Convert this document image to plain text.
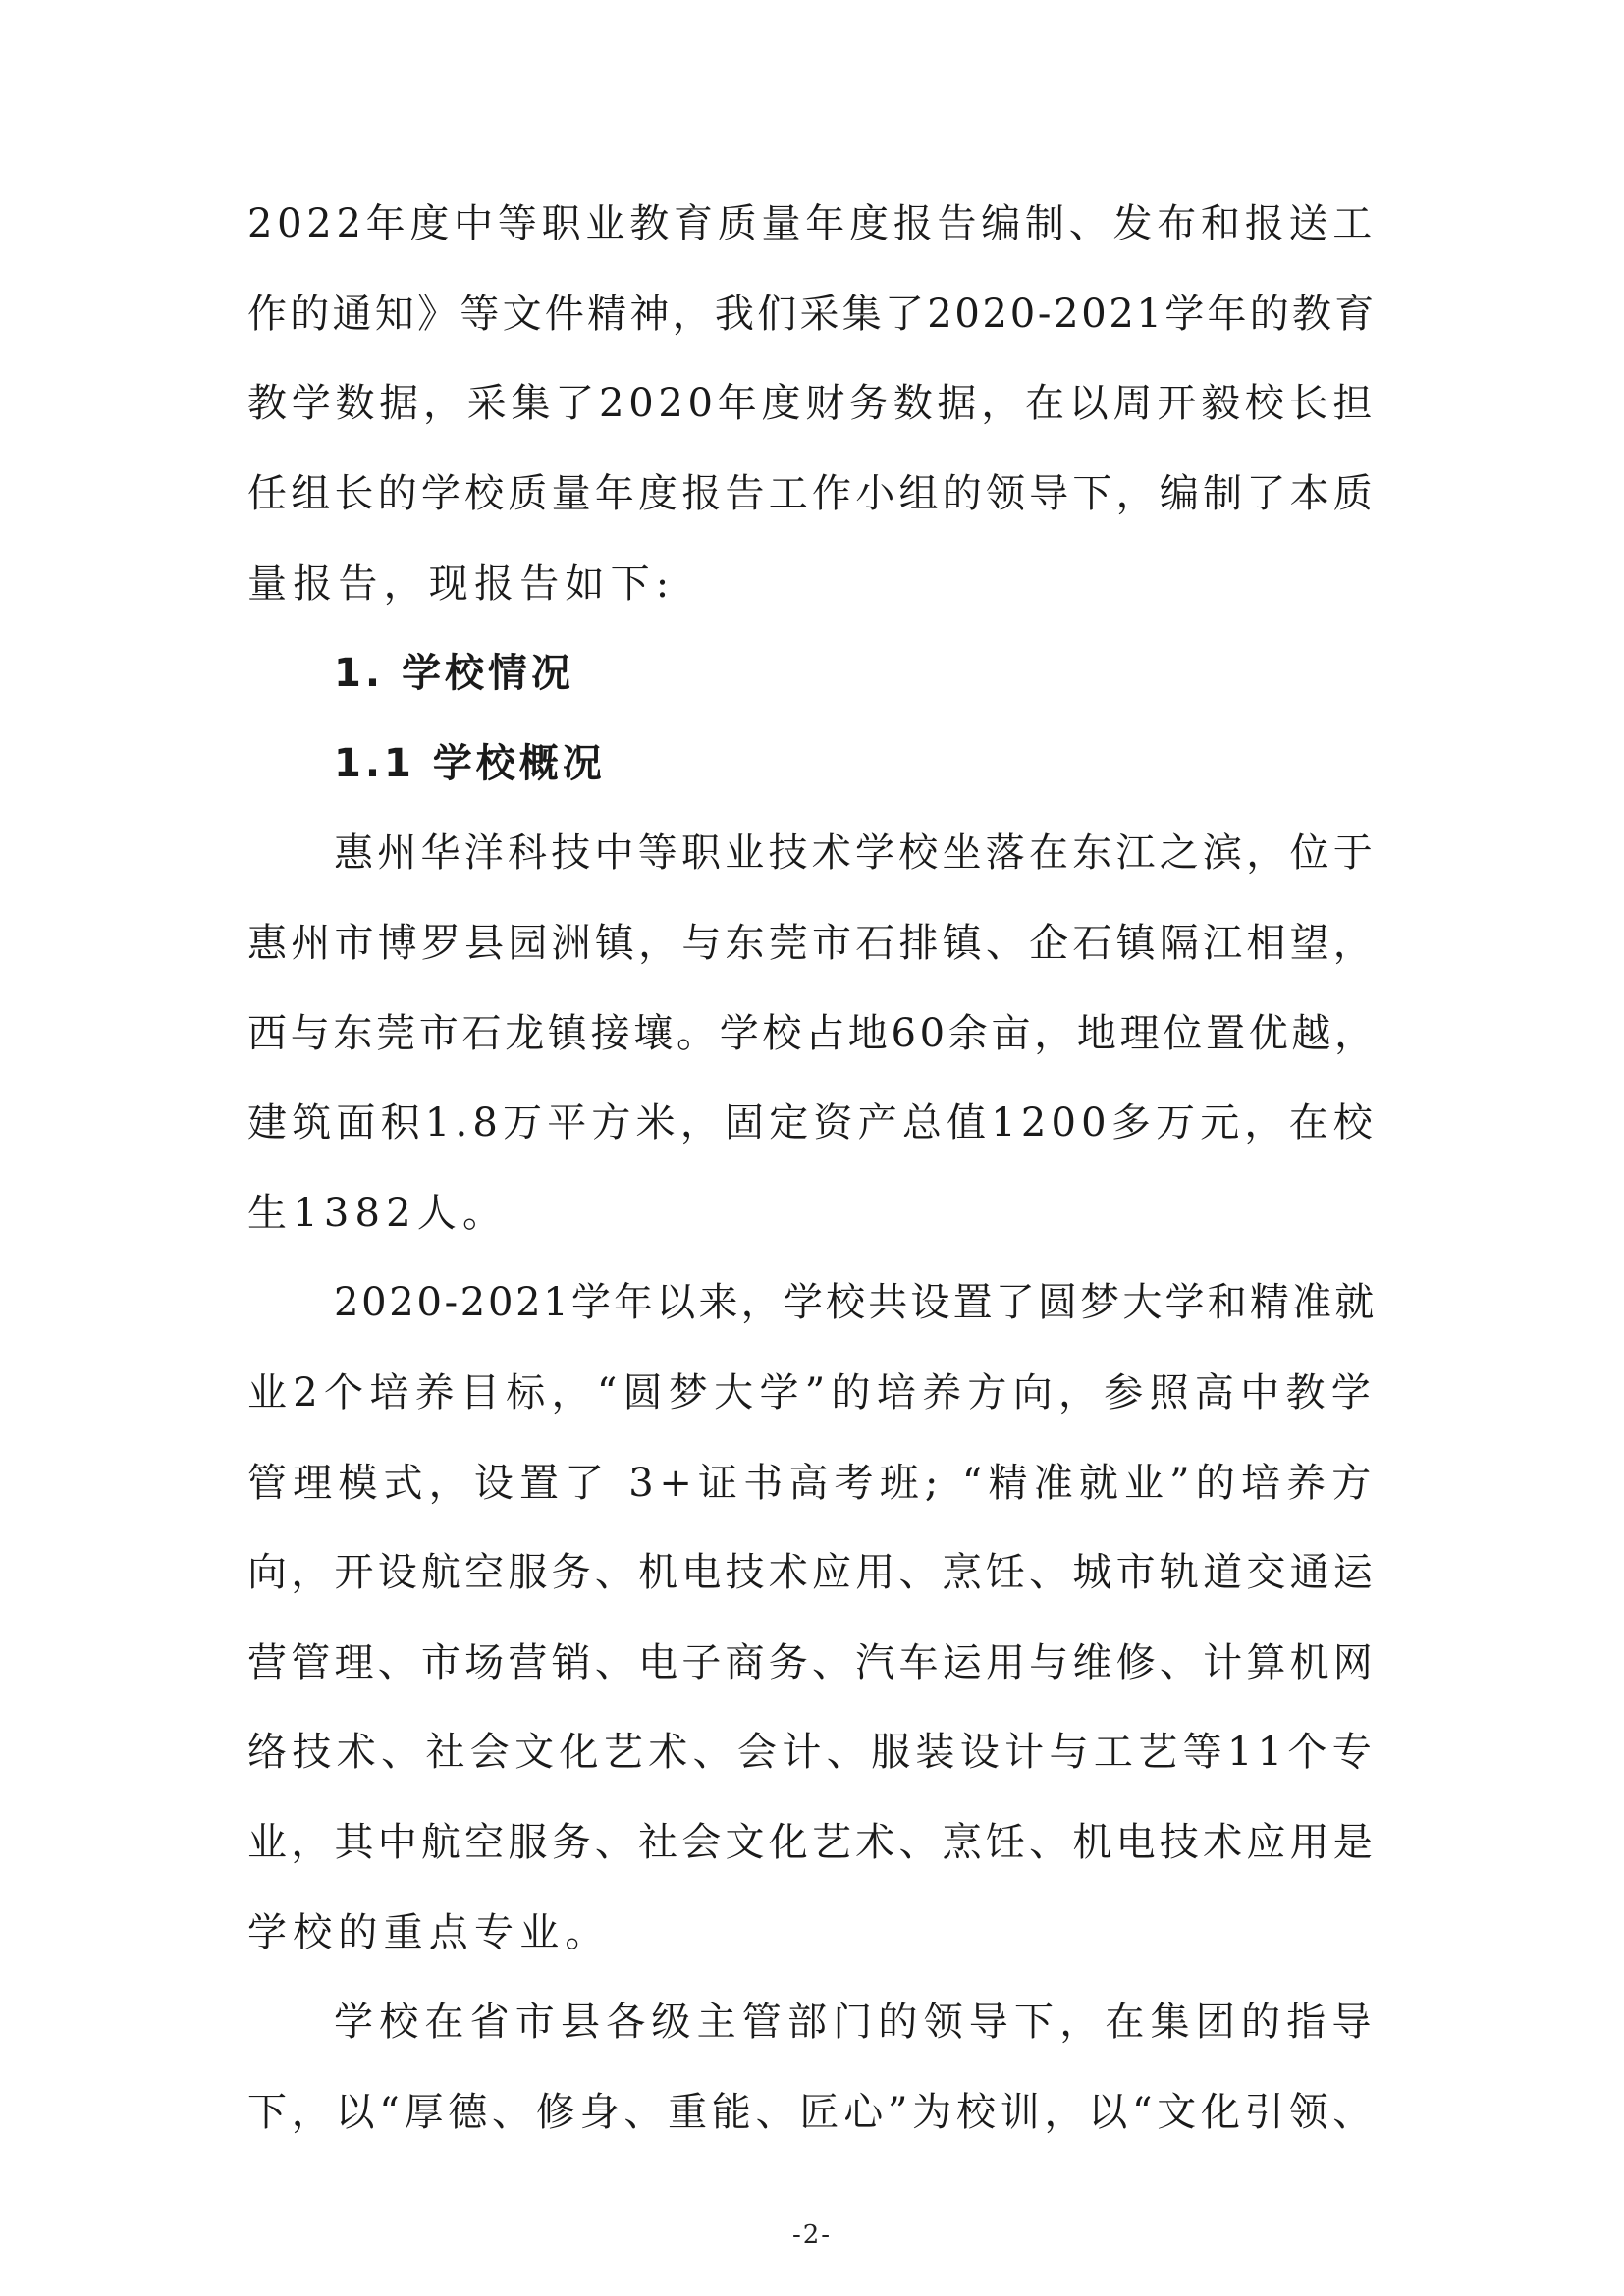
2022年度中等职业教育质量年度报告编制、发布和报送工
作的通知》等文件精神，我们采集了2020-2021学年的教育
教学数据，采集了2020年度财务数据，在以周开毅校长担
任组长的学校质量年度报告工作小组的领导下，编制了本质
量报告，现报告如下:
1. 学校情况
1.1 学校概况
惠州华洋科技中等职业技术学校坐落在东江之滨，位于
惠州市博罗县园洲镇，与东莞市石排镇、企石镇隔江相望，
西与东莞市石龙镇接壤。学校占地60余亩，地理位置优越，
建筑面积1.8万平方米，固定资产总值1200多万元，在校
生1382人。
2020-2021学年以来，学校共设置了圆梦大学和精准就
业2个培养目标，“圆梦大学”的培养方向，参照高中教学
管理模式，设置了 3+证书高考班; “精准就业”的培养方
向，开设航空服务、机电技术应用、烹饪、城市轨道交通运
营管理、市场营销、电子商务、汽车运用与维修、计算机网
络技术、社会文化艺术、会计、服装设计与工艺等11个专
业，其中航空服务、社会文化艺术、烹饪、机电技术应用是
学校的重点专业。
学校在省市县各级主管部门的领导下，在集团的指导
下，以“厚德、修身、重能、匠心”为校训，以“文化引领、
-2-
